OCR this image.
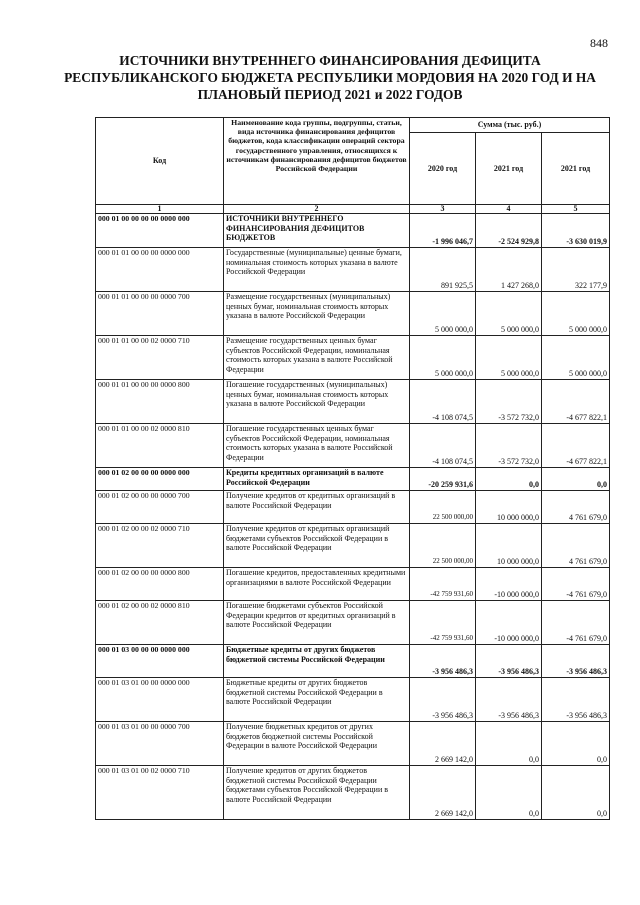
848
ИСТОЧНИКИ ВНУТРЕННЕГО ФИНАНСИРОВАНИЯ ДЕФИЦИТА
РЕСПУБЛИКАНСКОГО БЮДЖЕТА РЕСПУБЛИКИ МОРДОВИЯ НА 2020 ГОД И НА
ПЛАНОВЫЙ ПЕРИОД 2021 и 2022 ГОДОВ
Код	Наименование кода группы, подгруппы, статьи, вида источника финансирования дефицитов бюджетов, кода классификации операций сектора государственного управления, относящихся к источникам финансирования дефицитов бюджетов Российской Федерации	Сумма (тыс. руб.)		
		2020 год	2021 год	2021 год
1	2	3	4	5
000 01 00 00 00 00 0000 000	ИСТОЧНИКИ ВНУТРЕННЕГО ФИНАНСИРОВАНИЯ ДЕФИЦИТОВ БЮДЖЕТОВ	-1 996 046,7	-2 524 929,8	-3 630 019,9
000 01 01 00 00 00 0000 000	Государственные (муниципальные) ценные бумаги, номинальная стоимость которых указана в валюте Российской Федерации	891 925,5	1 427 268,0	322 177,9
000 01 01 00 00 00 0000 700	Размещение государственных (муниципальных) ценных бумаг, номинальная стоимость которых указана в валюте Российской Федерации	5 000 000,0	5 000 000,0	5 000 000,0
000 01 01 00 00 02 0000 710	Размещение государственных ценных бумаг субъектов Российской Федерации, номинальная стоимость которых указана в валюте Российской Федерации	5 000 000,0	5 000 000,0	5 000 000,0
000 01 01 00 00 00 0000 800	Погашение государственных (муниципальных) ценных бумаг, номинальная стоимость которых указана в валюте Российской Федерации	-4 108 074,5	-3 572 732,0	-4 677 822,1
000 01 01 00 00 02 0000 810	Погашение государственных ценных бумаг субъектов Российской Федерации, номинальная стоимость которых указана в валюте Российской Федерации	-4 108 074,5	-3 572 732,0	-4 677 822,1
000 01 02 00 00 00 0000 000	Кредиты кредитных организаций в валюте Российской Федерации	-20 259 931,6	0,0	0,0
000 01 02 00 00 00 0000 700	Получение кредитов от кредитных организаций в валюте Российской Федерации	22 500 000,00	10 000 000,0	4 761 679,0
000 01 02 00 00 02 0000 710	Получение кредитов от кредитных организаций бюджетами субъектов Российской Федерации в валюте Российской Федерации	22 500 000,00	10 000 000,0	4 761 679,0
000 01 02 00 00 00 0000 800	Погашение кредитов, предоставленных кредитными организациями в валюте Российской Федерации	-42 759 931,60	-10 000 000,0	-4 761 679,0
000 01 02 00 00 02 0000 810	Погашение бюджетами субъектов Российской Федерации кредитов от кредитных организаций в валюте Российской Федерации	-42 759 931,60	-10 000 000,0	-4 761 679,0
000 01 03 00 00 00 0000 000	Бюджетные кредиты от других бюджетов бюджетной системы Российской Федерации	-3 956 486,3	-3 956 486,3	-3 956 486,3
000 01 03 01 00 00 0000 000	Бюджетные кредиты от других бюджетов бюджетной системы Российской Федерации в валюте Российской Федерации	-3 956 486,3	-3 956 486,3	-3 956 486,3
000 01 03 01 00 00 0000 700	Получение бюджетных кредитов от других бюджетов бюджетной системы Российской Федерации в валюте Российской Федерации	2 669 142,0	0,0	0,0
000 01 03 01 00 02 0000 710	Получение кредитов от других бюджетов бюджетной системы Российской Федерации бюджетами субъектов Российской Федерации в валюте Российской Федерации	2 669 142,0	0,0	0,0
